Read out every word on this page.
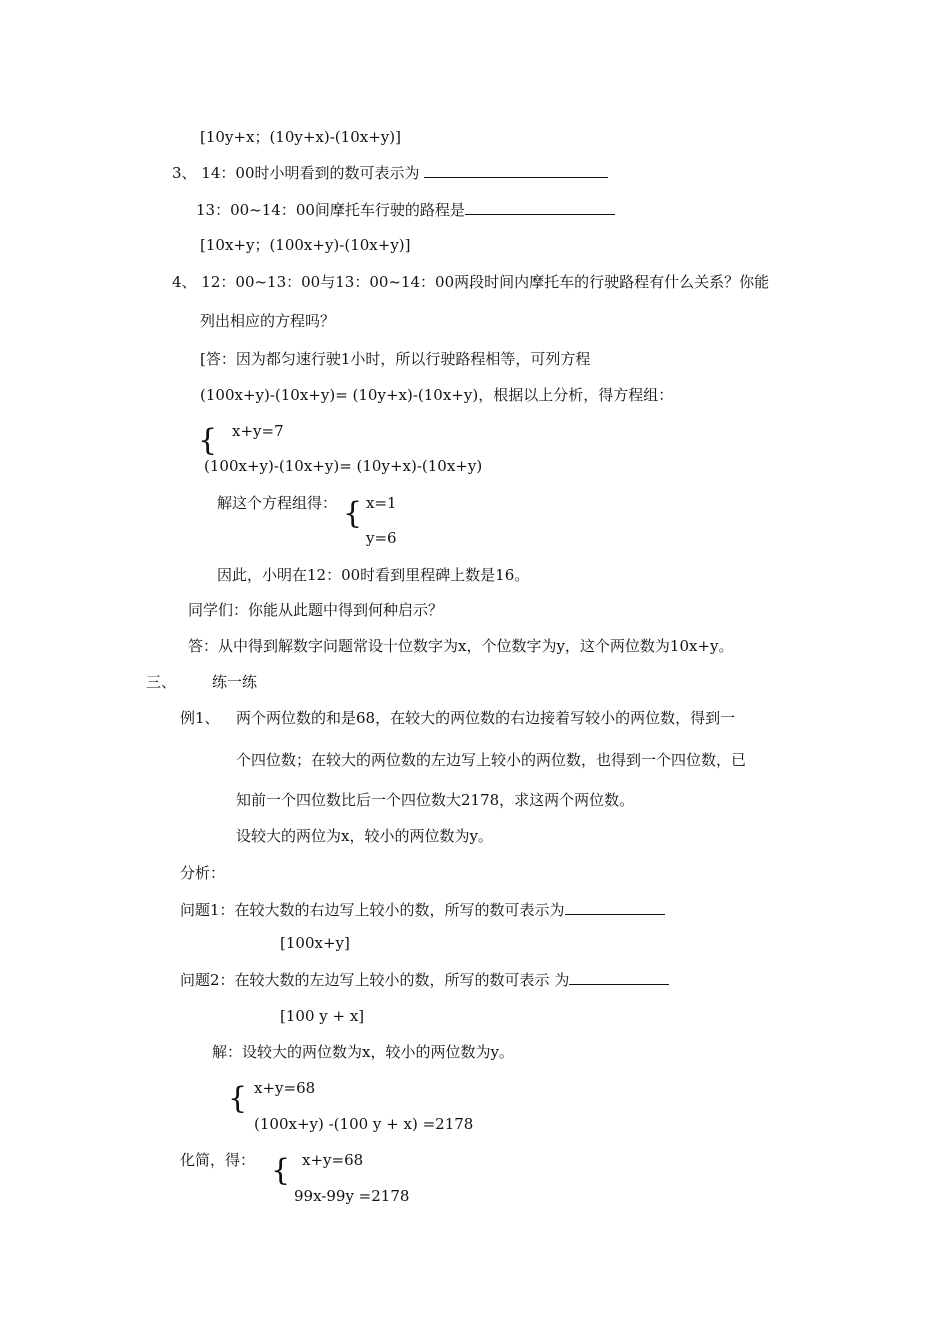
[10y+x；(10y+x)-(10x+y)]
3、 14：00时小明看到的数可表示为
13：00~14：00间摩托车行驶的路程是
[10x+y；(100x+y)-(10x+y)]
4、 12：00~13：00与13：00~14：00两段时间内摩托车的行驶路程有什么关系？你能
列出相应的方程吗？
[答：因为都匀速行驶1小时，所以行驶路程相等，可列方程
(100x+y)-(10x+y)= (10y+x)-(10x+y)，根据以上分析，得方程组：
{ x+y=7
(100x+y)-(10x+y)= (10y+x)-(10x+y)
解这个方程组得： { x=1
y=6
因此，小明在12：00时看到里程碑上数是16。
同学们：你能从此题中得到何种启示？
答：从中得到解数字问题常设十位数字为x，个位数字为y，这个两位数为10x+y。
三、 练一练
例1、 两个两位数的和是68，在较大的两位数的右边接着写较小的两位数，得到一
个四位数；在较大的两位数的左边写上较小的两位数，也得到一个四位数，已
知前一个四位数比后一个四位数大2178，求这两个两位数。
设较大的两位为x，较小的两位数为y。
分析：
问题1：在较大数的右边写上较小的数，所写的数可表示为
[100x+y]
问题2：在较大数的左边写上较小的数，所写的数可表示 为
[100 y + x]
解：设较大的两位数为x，较小的两位数为y。
{ x+y=68
(100x+y) -(100 y + x) =2178
化简，得： { x+y=68
99x-99y =2178
